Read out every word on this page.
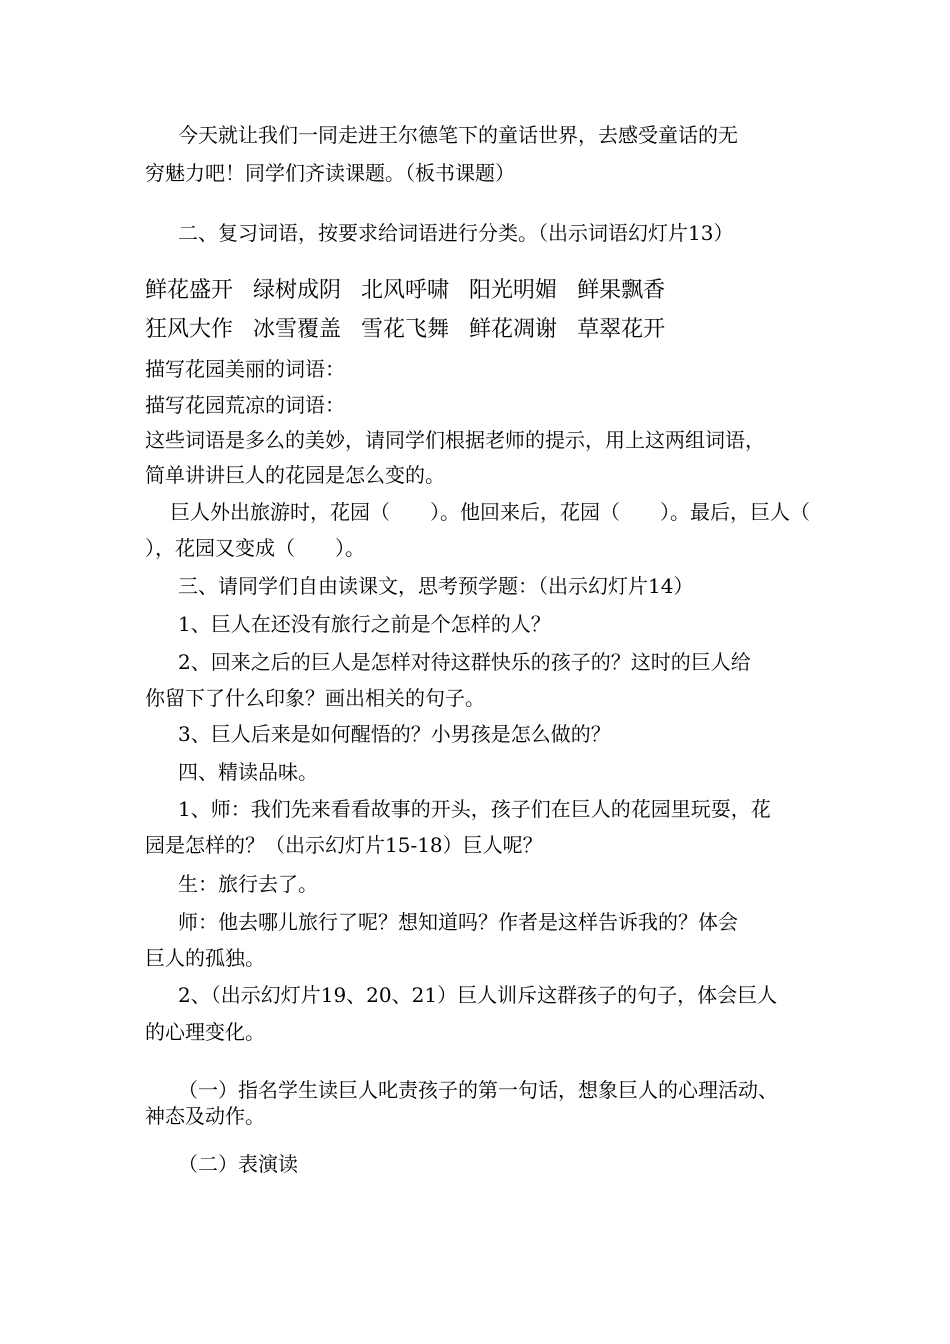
今天就让我们一同走进王尔德笔下的童话世界，去感受童话的无
穷魅力吧！同学们齐读课题。（板书课题）
二、复习词语，按要求给词语进行分类。（出示词语幻灯片13）
鲜花盛开 绿树成阴 北风呼啸 阳光明媚 鲜果飘香
狂风大作 冰雪覆盖 雪花飞舞 鲜花凋谢 草翠花开
描写花园美丽的词语：
描写花园荒凉的词语：
这些词语是多么的美妙，请同学们根据老师的提示，用上这两组词语，
简单讲讲巨人的花园是怎么变的。
巨人外出旅游时，花园（　　）。他回来后，花园（　　）。最后，巨人（
），花园又变成（　　）。
三、请同学们自由读课文，思考预学题：（出示幻灯片14）
1、巨人在还没有旅行之前是个怎样的人？
2、回来之后的巨人是怎样对待这群快乐的孩子的？这时的巨人给
你留下了什么印象？画出相关的句子。
3、巨人后来是如何醒悟的？小男孩是怎么做的？
四、精读品味。
1、师：我们先来看看故事的开头，孩子们在巨人的花园里玩耍，花
园是怎样的？（出示幻灯片15-18）巨人呢？
生：旅行去了。
师：他去哪儿旅行了呢？想知道吗？作者是这样告诉我的？体会
巨人的孤独。
2、（出示幻灯片19、20、21）巨人训斥这群孩子的句子，体会巨人
的心理变化。
（一）指名学生读巨人叱责孩子的第一句话，想象巨人的心理活动、
神态及动作。
（二）表演读
